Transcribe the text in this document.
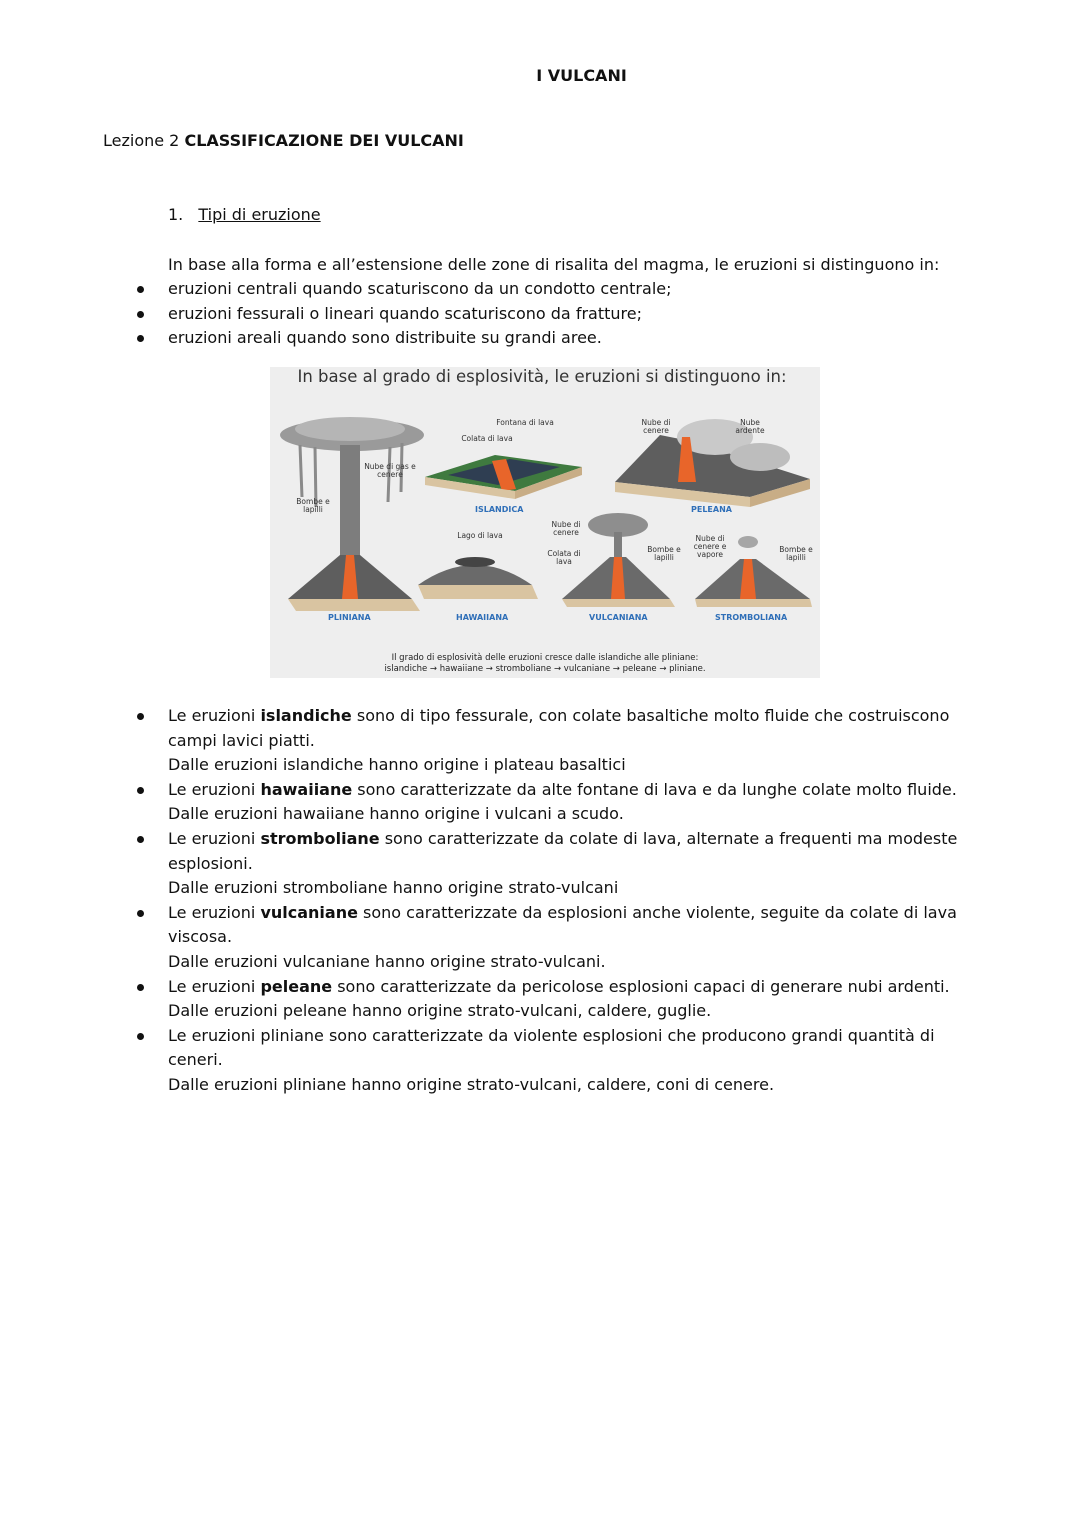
I VULCANI
Lezione 2 CLASSIFICAZIONE DEI VULCANI
1. Tipi di eruzione
In base alla forma e all’estensione delle zone di risalita del magma, le eruzioni si distinguono in:
eruzioni centrali quando scaturiscono da un condotto centrale;
eruzioni fessurali o lineari quando scaturiscono da fratture;
eruzioni areali quando sono distribuite su grandi aree.
In base al grado di esplosività, le eruzioni si distinguono in:
Fontana di lava
Colata di lava
Nube di cenere
Nube ardente
Nube di gas e cenere
Bombe e lapilli
Lago di lava
Nube di cenere
Colata di lava
Bombe e lapilli
Nube di cenere e vapore
Bombe e lapilli
ISLANDICA	PELEANA
PLINIANA	HAWAIIANA	VULCANIANA	STROMBOLIANA
Il grado di esplosività delle eruzioni cresce dalle islandiche alle pliniane:
islandiche → hawaiiane → stromboliane → vulcaniane → peleane → pliniane.
Le eruzioni islandiche sono di tipo fessurale, con colate basaltiche molto fluide che costruiscono campi lavici piatti.
Dalle eruzioni islandiche hanno origine i plateau basaltici
Le eruzioni hawaiiane sono caratterizzate da alte fontane di lava e da lunghe colate molto fluide.
Dalle eruzioni hawaiiane hanno origine i vulcani a scudo.
Le eruzioni stromboliane sono caratterizzate da colate di lava, alternate a frequenti ma modeste esplosioni.
Dalle eruzioni stromboliane hanno origine strato-vulcani
Le eruzioni vulcaniane sono caratterizzate da esplosioni anche violente, seguite da colate di lava viscosa.
Dalle eruzioni vulcaniane hanno origine strato-vulcani.
Le eruzioni peleane sono caratterizzate da pericolose esplosioni capaci di generare nubi ardenti.
Dalle eruzioni peleane hanno origine strato-vulcani, caldere, guglie.
Le eruzioni pliniane sono caratterizzate da violente esplosioni che producono grandi quantità di ceneri.
Dalle eruzioni pliniane hanno origine strato-vulcani, caldere, coni di cenere.
